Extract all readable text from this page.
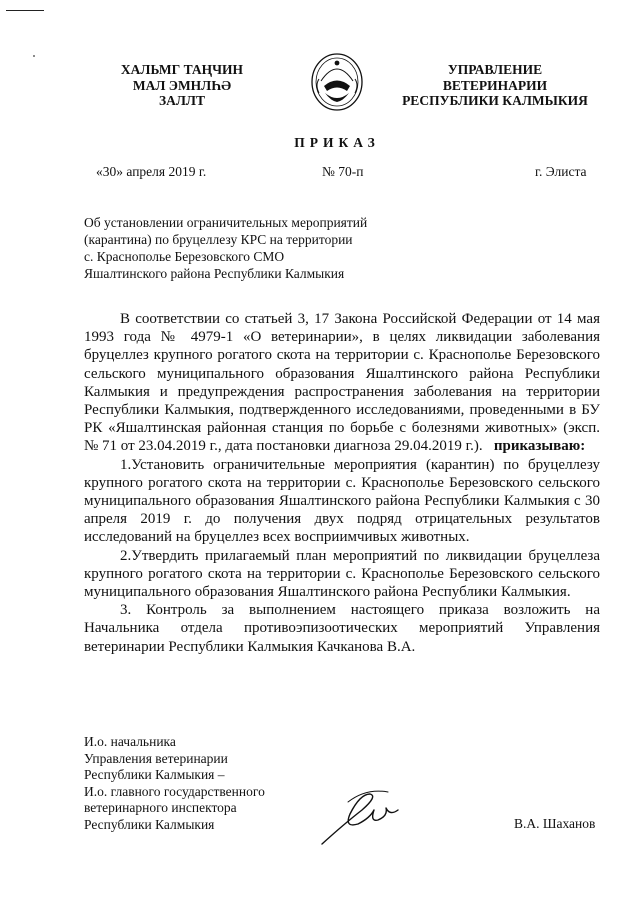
ХАЛЬМГ ТАҢЧИН
МАЛ ЭМНЛҺӘ
ЗАЛЛТ
УПРАВЛЕНИЕ
ВЕТЕРИНАРИИ
РЕСПУБЛИКИ КАЛМЫКИЯ
ПРИКАЗ
«30» апреля 2019 г.	№ 70-п	г. Элиста
Об установлении ограничительных мероприятий
(карантина) по бруцеллезу КРС на территории
с. Краснополье Березовского СМО
Яшалтинского района Республики Калмыкия

В соответствии со статьей 3, 17 Закона Российской Федерации от 14 мая 1993 года № 4979-1 «О ветеринарии», в целях ликвидации заболевания бруцеллез крупного рогатого скота на территории с. Краснополье Березовского сельского муниципального образования Яшалтинского района Республики Калмыкия и предупреждения распространения заболевания на территории Республики Калмыкия, подтвержденного исследованиями, проведенными в БУ РК «Яшалтинская районная станция по борьбе с болезнями животных» (эксп. № 71 от 23.04.2019 г., дата постановки диагноза 29.04.2019 г.). приказываю:

1.Установить ограничительные мероприятия (карантин) по бруцеллезу крупного рогатого скота на территории с. Краснополье Березовского сельского муниципального образования Яшалтинского района Республики Калмыкия с 30 апреля 2019 г. до получения двух подряд отрицательных результатов исследований на бруцеллез всех восприимчивых животных.

2.Утвердить прилагаемый план мероприятий по ликвидации бруцеллеза крупного рогатого скота на территории с. Краснополье Березовского сельского муниципального образования Яшалтинского района Республики Калмыкия.

3. Контроль за выполнением настоящего приказа возложить на Начальника отдела противоэпизоотических мероприятий Управления ветеринарии Республики Калмыкия Качканова В.А.

И.о. начальника
Управления ветеринарии
Республики Калмыкия –
И.о. главного государственного
ветеринарного инспектора
Республики Калмыкия	В.А. Шаханов
